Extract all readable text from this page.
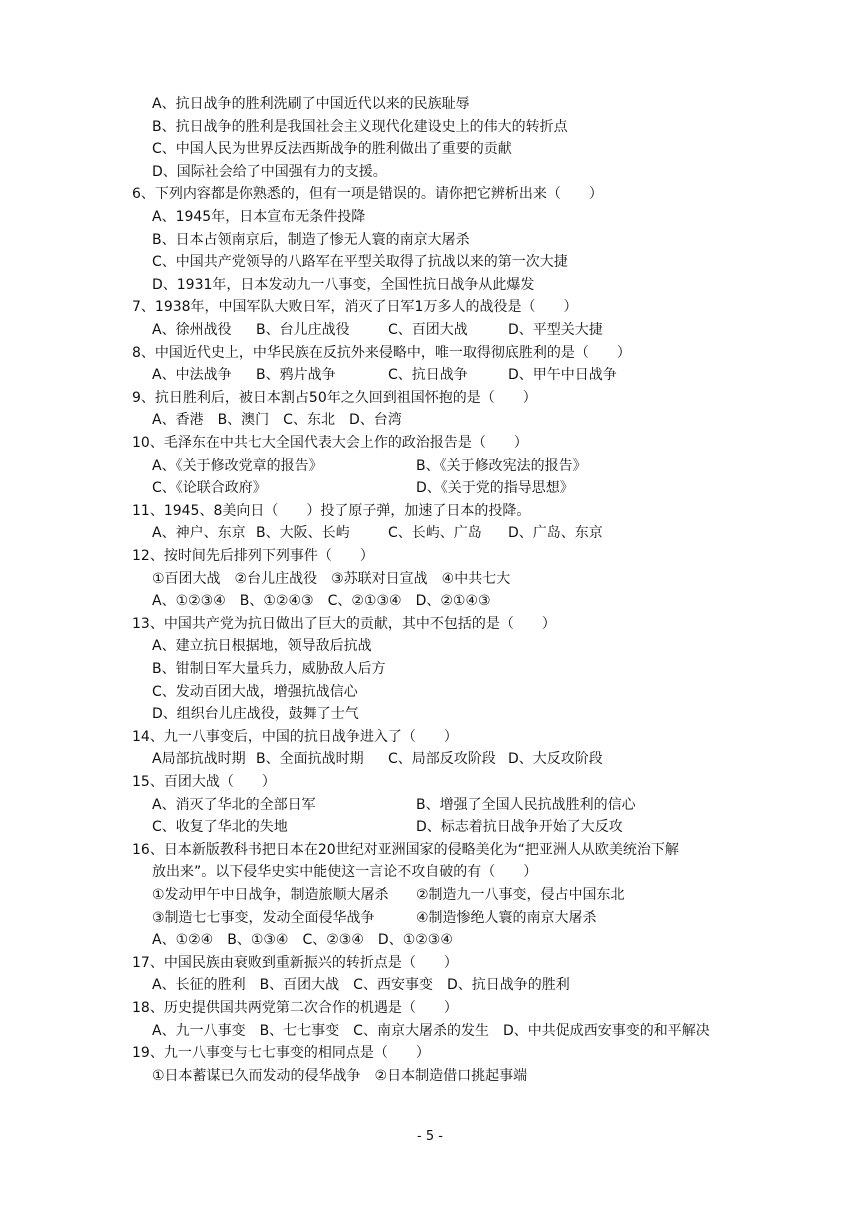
A、抗日战争的胜利洗刷了中国近代以来的民族耻辱
B、抗日战争的胜利是我国社会主义现代化建设史上的伟大的转折点
C、中国人民为世界反法西斯战争的胜利做出了重要的贡献
D、国际社会给了中国强有力的支援。
6、下列内容都是你熟悉的，但有一项是错误的。请你把它辨析出来（　　）
A、1945年，日本宣布无条件投降
B、日本占领南京后，制造了惨无人寰的南京大屠杀
C、中国共产党领导的八路军在平型关取得了抗战以来的第一次大捷
D、1931年，日本发动九一八事变，全国性抗日战争从此爆发
7、1938年，中国军队大败日军，消灭了日军1万多人的战役是（　　）
A、徐州战役 B、台儿庄战役	C、百团大战	D、平型关大捷
8、中国近代史上，中华民族在反抗外来侵略中，唯一取得彻底胜利的是（　　）
A、中法战争 B、鸦片战争	C、抗日战争	D、甲午中日战争
9、抗日胜利后，被日本割占50年之久回到祖国怀抱的是（　　）
A、香港　B、澳门　C、东北　D、台湾
10、毛泽东在中共七大全国代表大会上作的政治报告是（　　）
A、《关于修改党章的报告》	B、《关于修改宪法的报告》
C、《论联合政府》	D、《关于党的指导思想》
11、1945、8美向日（　　）投了原子弹，加速了日本的投降。
A、神户、东京 B、大阪、长屿	C、长屿、广岛 D、广岛、东京
12、按时间先后排列下列事件（　　）
①百团大战　②台儿庄战役　③苏联对日宣战　④中共七大
A、①②③④　B、①②④③　C、②①③④　D、②①④③
13、中国共产党为抗日做出了巨大的贡献，其中不包括的是（　　）
A、建立抗日根据地，领导敌后抗战
B、钳制日军大量兵力，威胁敌人后方
C、发动百团大战，增强抗战信心
D、组织台儿庄战役，鼓舞了士气
14、九一八事变后，中国的抗日战争进入了（　　）
A局部抗战时期 B、全面抗战时期 C、局部反攻阶段 D、大反攻阶段
15、百团大战（　　）
A、消灭了华北的全部日军	B、增强了全国人民抗战胜利的信心
C、收复了华北的失地	D、标志着抗日战争开始了大反攻
16、日本新版教科书把日本在20世纪对亚洲国家的侵略美化为“把亚洲人从欧美统治下解
放出来”。以下侵华史实中能使这一言论不攻自破的有（　　）
①发动甲午中日战争，制造旅顺大屠杀 ②制造九一八事变，侵占中国东北
③制造七七事变，发动全面侵华战争	④制造惨绝人寰的南京大屠杀
A、①②④　B、①③④　C、②③④　D、①②③④
17、中国民族由衰败到重新振兴的转折点是（　　）
A、长征的胜利　B、百团大战　C、西安事变　D、抗日战争的胜利
18、历史提供国共两党第二次合作的机遇是（　　）
A、九一八事变　B、七七事变　C、南京大屠杀的发生　D、中共促成西安事变的和平解决
19、九一八事变与七七事变的相同点是（　　）
①日本蓄谋已久而发动的侵华战争　②日本制造借口挑起事端
- 5 -
